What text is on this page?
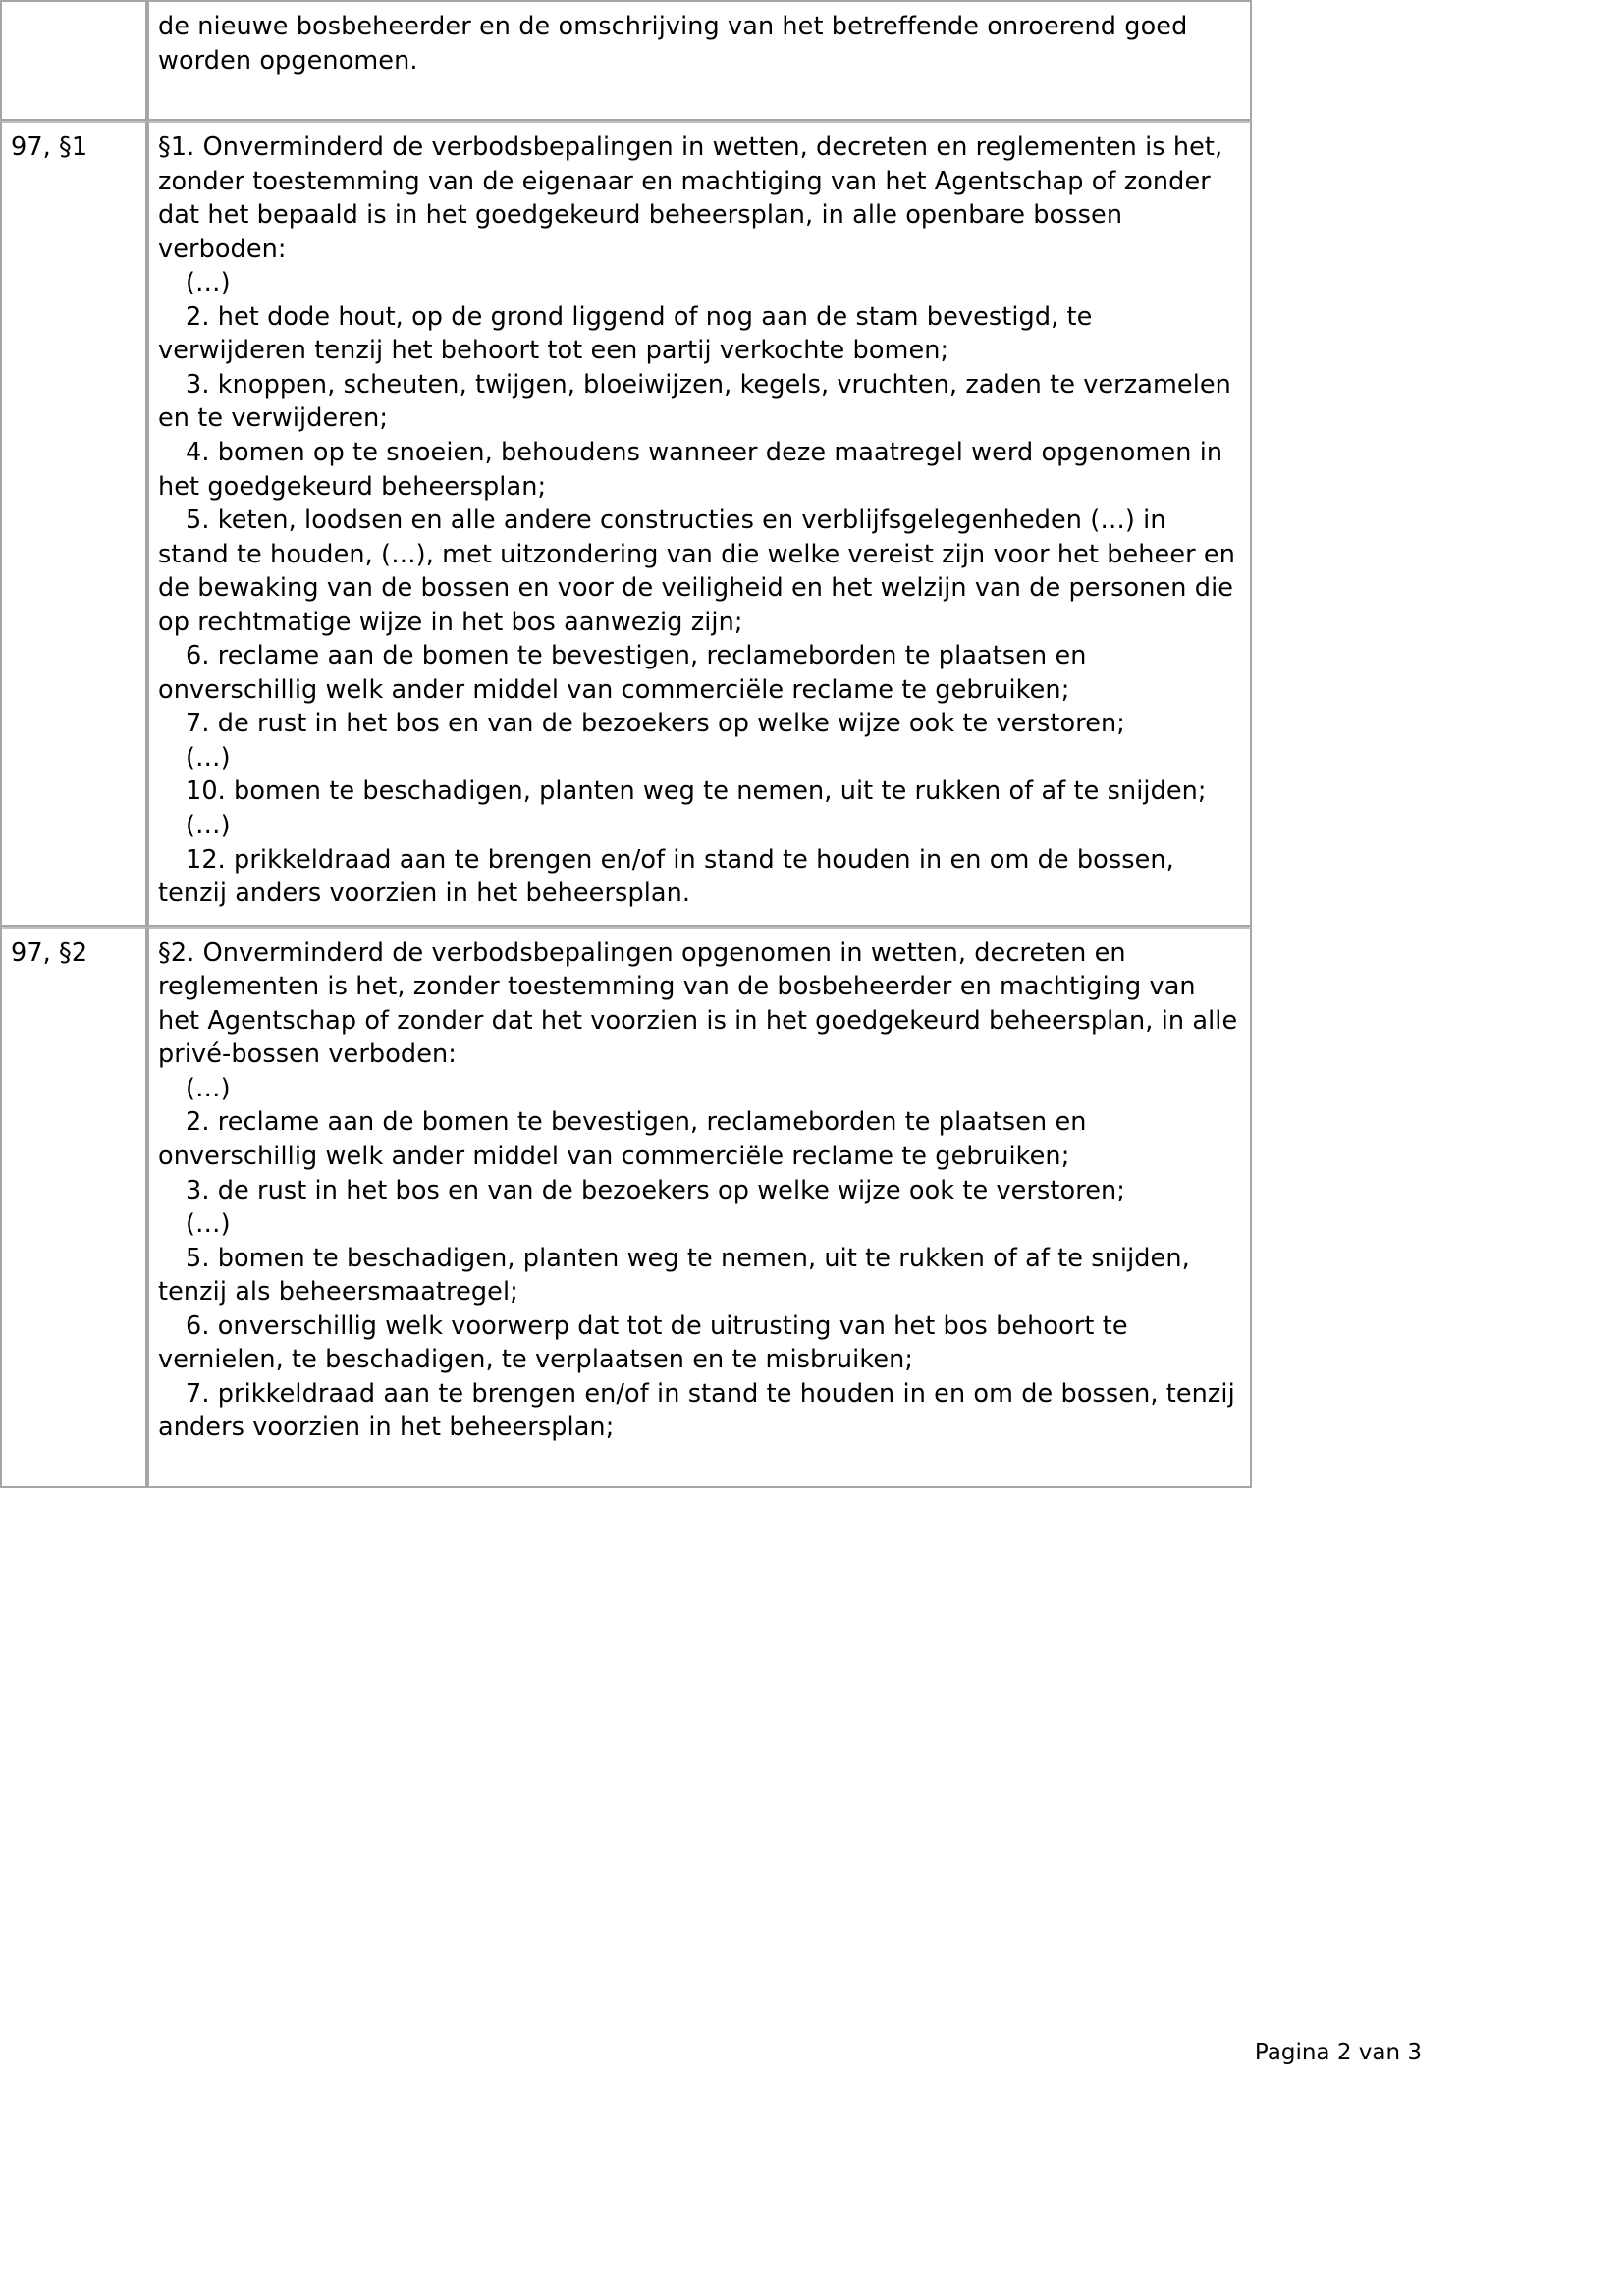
	de nieuwe bosbeheerder en de omschrijving van het betreffende onroerend goed worden opgenomen.

97, §1	§1. Onverminderd de verbodsbepalingen in wetten, decreten en reglementen is het, zonder toestemming van de eigenaar en machtiging van het Agentschap of zonder dat het bepaald is in het goedgekeurd beheersplan, in alle openbare bossen verboden:

(…)

2. het dode hout, op de grond liggend of nog aan de stam bevestigd, te verwijderen tenzij het behoort tot een partij verkochte bomen;

3. knoppen, scheuten, twijgen, bloeiwijzen, kegels, vruchten, zaden te verzamelen en te verwijderen;

4. bomen op te snoeien, behoudens wanneer deze maatregel werd opgenomen in het goedgekeurd beheersplan;

5. keten, loodsen en alle andere constructies en verblijfsgelegenheden (…) in stand te houden, (…), met uitzondering van die welke vereist zijn voor het beheer en de bewaking van de bossen en voor de veiligheid en het welzijn van de personen die op rechtmatige wijze in het bos aanwezig zijn;

6. reclame aan de bomen te bevestigen, reclameborden te plaatsen en onverschillig welk ander middel van commerciële reclame te gebruiken;

7. de rust in het bos en van de bezoekers op welke wijze ook te verstoren;

(…)

10. bomen te beschadigen, planten weg te nemen, uit te rukken of af te snijden;

(…)

12. prikkeldraad aan te brengen en/of in stand te houden in en om de bossen, tenzij anders voorzien in het beheersplan.

97, §2	§2. Onverminderd de verbodsbepalingen opgenomen in wetten, decreten en reglementen is het, zonder toestemming van de bosbeheerder en machtiging van het Agentschap of zonder dat het voorzien is in het goedgekeurd beheersplan, in alle privé-bossen verboden:

(…)

2. reclame aan de bomen te bevestigen, reclameborden te plaatsen en onverschillig welk ander middel van commerciële reclame te gebruiken;

3. de rust in het bos en van de bezoekers op welke wijze ook te verstoren;

(…)

5. bomen te beschadigen, planten weg te nemen, uit te rukken of af te snijden, tenzij als beheersmaatregel;

6. onverschillig welk voorwerp dat tot de uitrusting van het bos behoort te vernielen, te beschadigen, te verplaatsen en te misbruiken;

7. prikkeldraad aan te brengen en/of in stand te houden in en om de bossen, tenzij anders voorzien in het beheersplan;

Pagina 2 van 3
